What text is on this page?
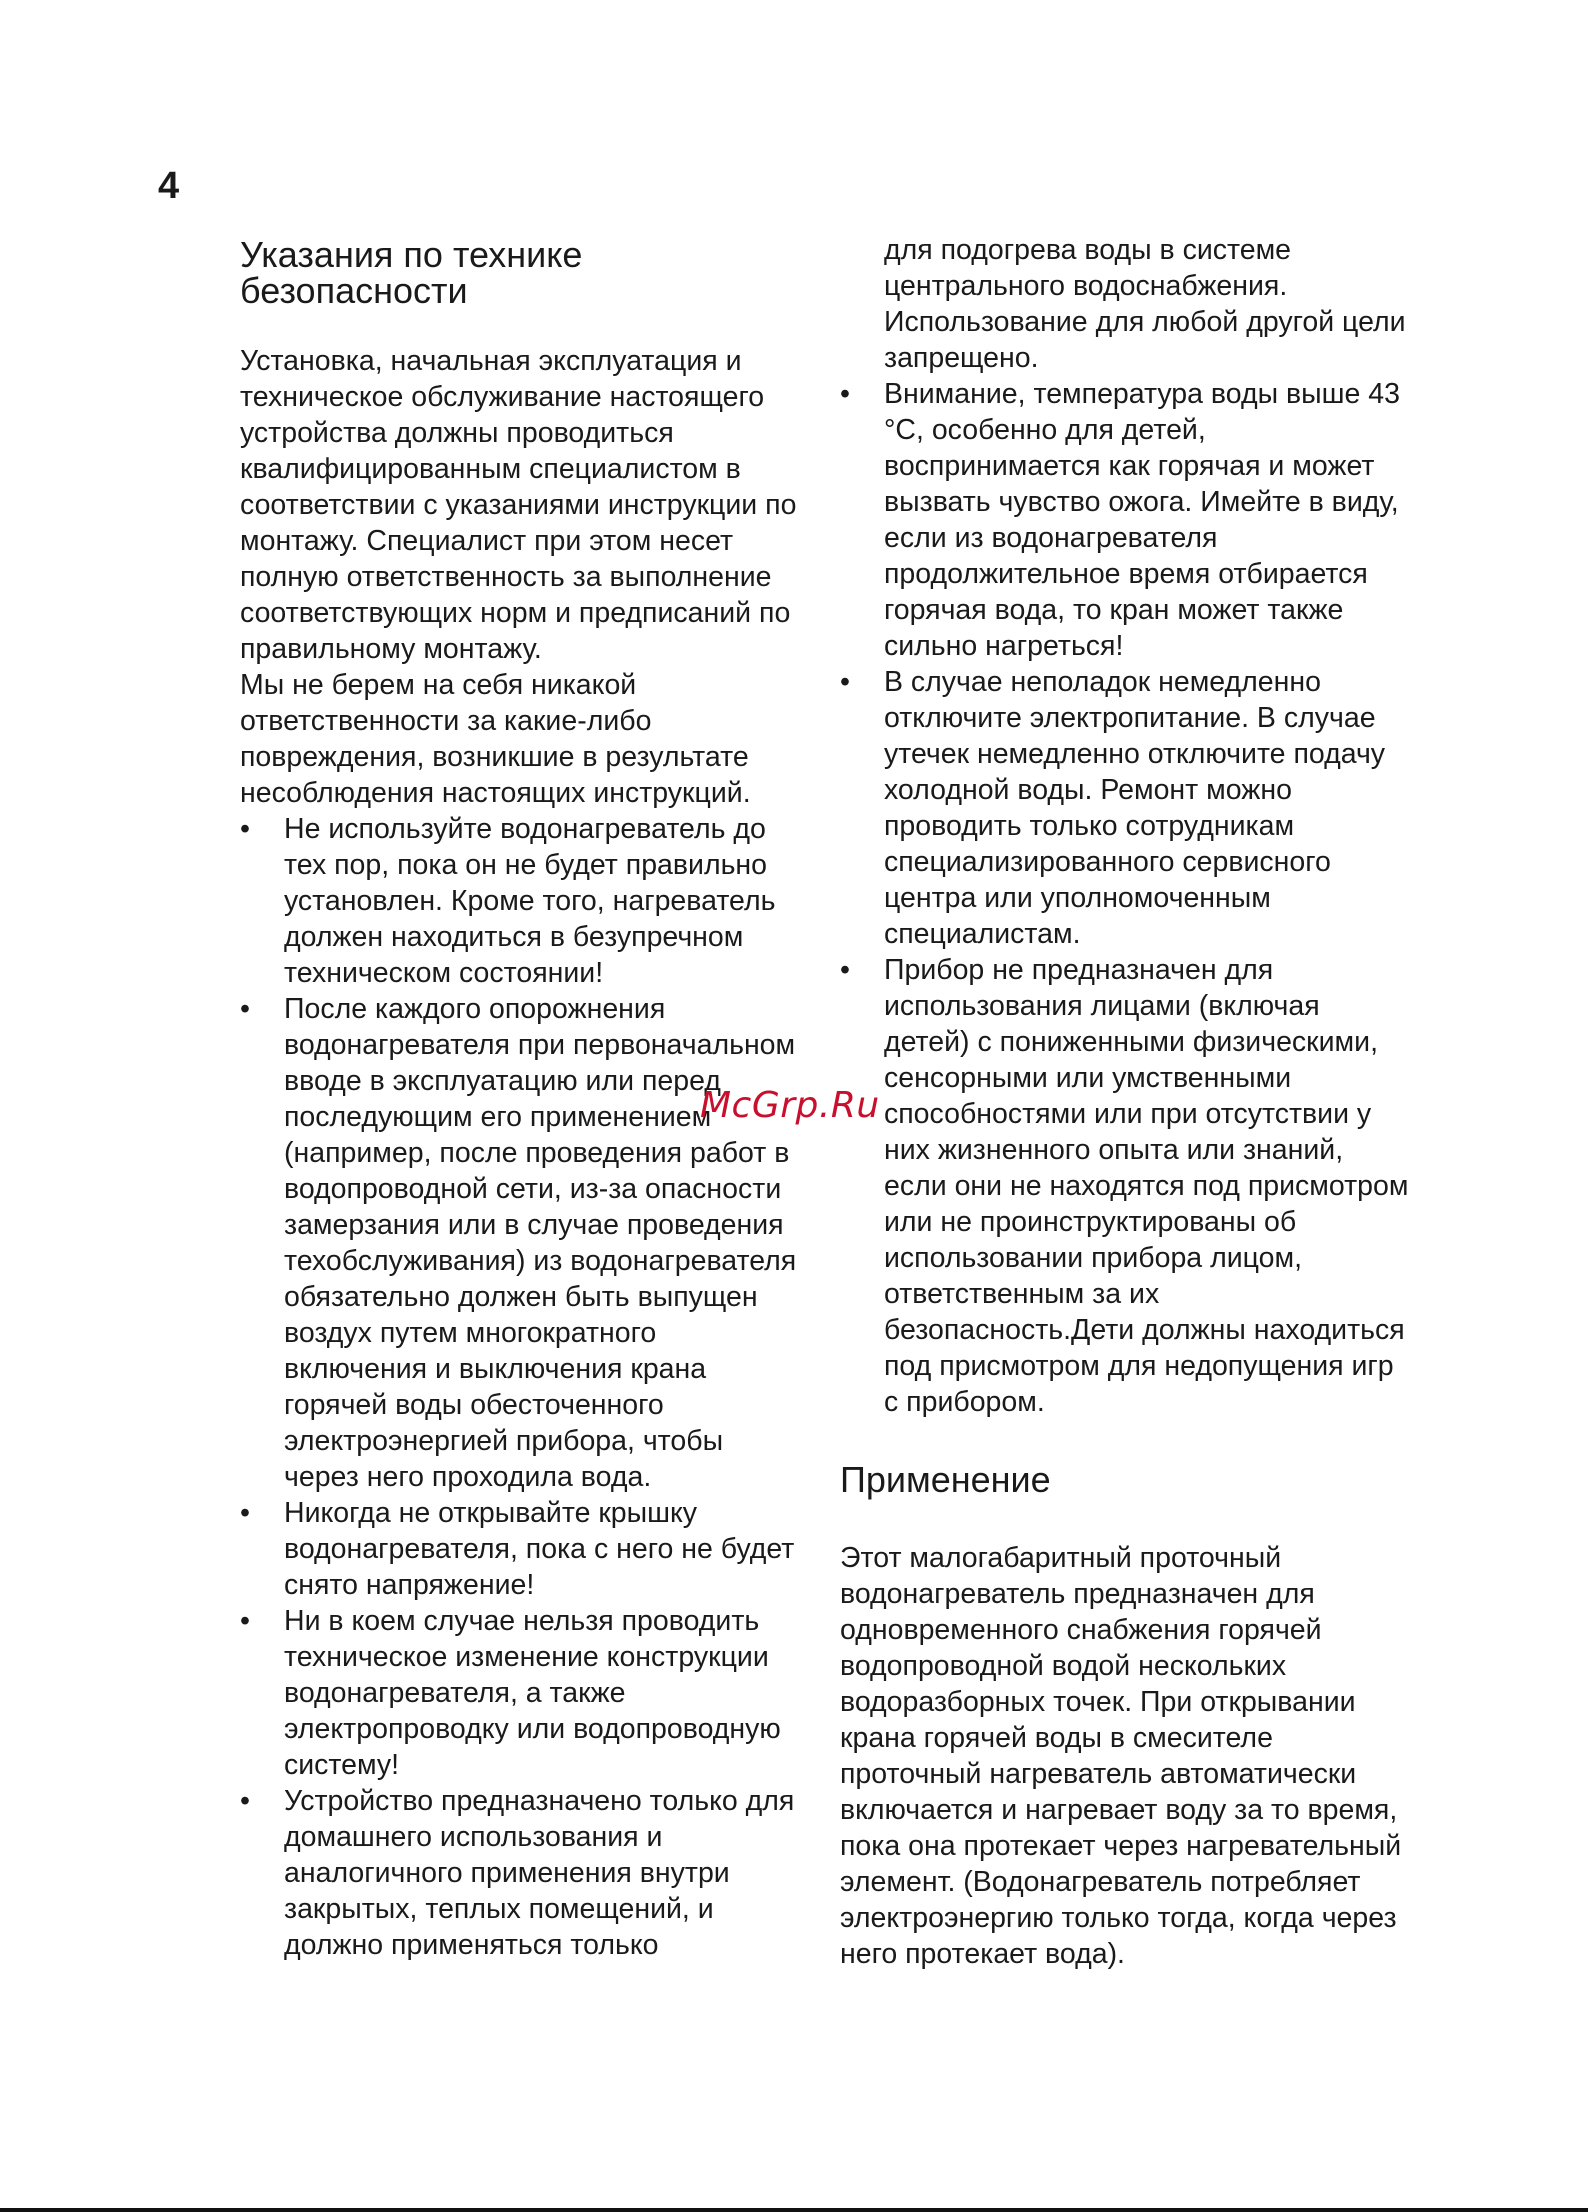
4
Указания по технике безопасности

Установка, начальная эксплуатация и техническое обслуживание настоящего устройства должны проводиться квалифицированным специалистом в соответствии с указаниями инструкции по монтажу. Специалист при этом несет полную ответственность за выполнение соответствующих норм и предписаний по правильному монтажу.

Мы не берем на себя никакой ответственности за какие-либо повреждения, возникшие в результате несоблюдения настоящих инструкций.

• Не используйте водонагреватель до тех пор, пока он не будет правильно установлен. Кроме того, нагреватель должен находиться в безупречном техническом состоянии!
• После каждого опорожнения водонагревателя при первоначальном вводе в эксплуатацию или перед последующим его применением (например, после проведения работ в водопроводной сети, из-за опасности замерзания или в случае проведения техобслуживания) из водонагревателя обязательно должен быть выпущен воздух путем многократного включения и выключения крана горячей воды обесточенного электроэнергией прибора, чтобы через него проходила вода.
• Никогда не открывайте крышку водонагревателя, пока с него не будет снято напряжение!
• Ни в коем случае нельзя проводить техническое изменение конструкции водонагревателя, а также электропроводку или водопроводную систему!
• Устройство предназначено только для домашнего использования и аналогичного применения внутри закрытых, теплых помещений, и должно применяться только
для подогрева воды в системе центрального водоснабжения. Использование для любой другой цели запрещено.
• Внимание, температура воды выше 43 °C, особенно для детей, воспринимается как горячая и может вызвать чувство ожога. Имейте в виду, если из водонагревателя продолжительное время отбирается горячая вода, то кран может также сильно нагреться!
• В случае неполадок немедленно отключите электропитание. В случае утечек немедленно отключите подачу холодной воды. Ремонт можно проводить только сотрудникам специализированного сервисного центра или уполномоченным специалистам.
• Прибор не предназначен для использования лицами (включая детей) с пониженными физическими, сенсорными или умственными способностями или при отсутствии у них жизненного опыта или знаний, если они не находятся под присмотром или не проинструктированы об использовании прибора лицом, ответственным за их безопасность.Дети должны находиться под присмотром для недопущения игр с прибором.
Применение

Этот малогабаритный проточный водонагреватель предназначен для одновременного снабжения горячей водопроводной водой нескольких водоразборных точек. При открывании крана горячей воды в смесителе проточный нагреватель автоматически включается и нагревает воду за то время, пока она протекает через нагревательный элемент. (Водонагреватель потребляет электроэнергию только тогда, когда через него протекает вода).

McGrp.Ru
